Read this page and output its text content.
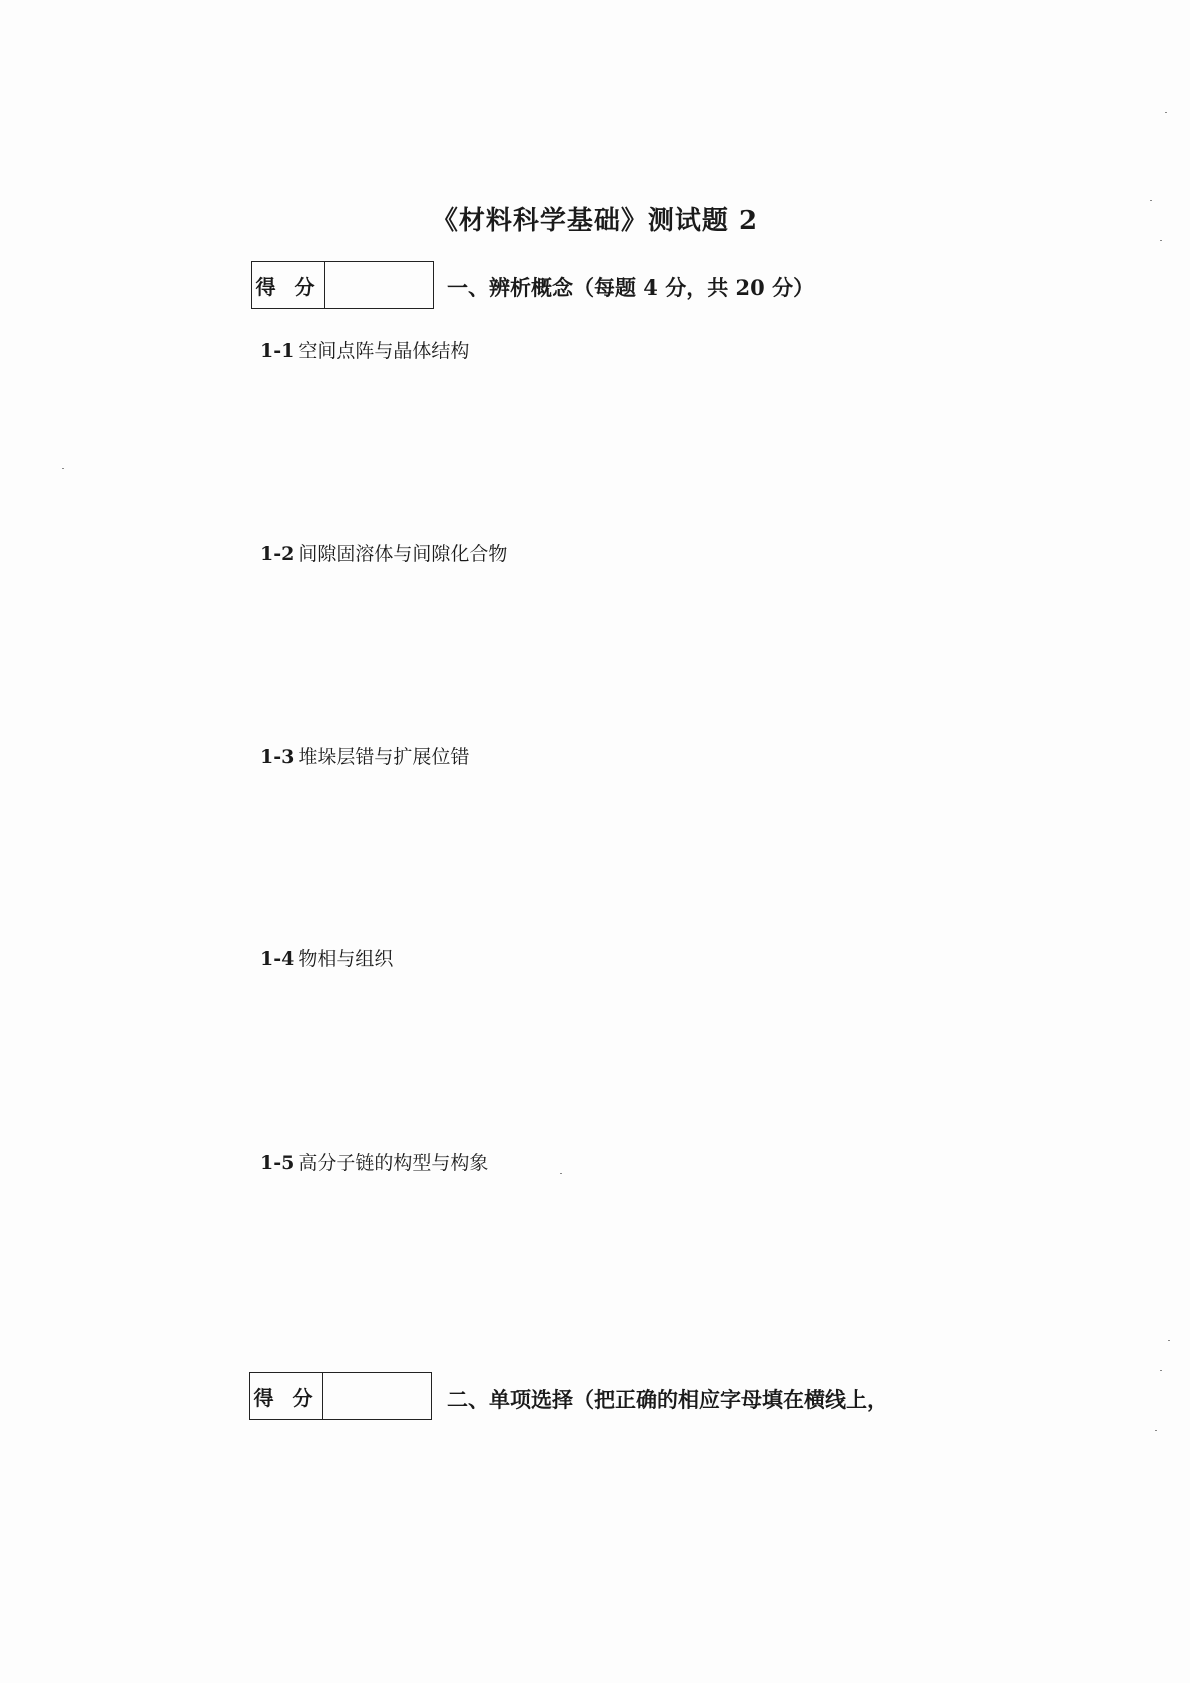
《材料科学基础》测试题 2
得 分	一、辨析概念（每题 4 分，共 20 分）
1-1 空间点阵与晶体结构
1-2 间隙固溶体与间隙化合物
1-3 堆垛层错与扩展位错
1-4 物相与组织
1-5 高分子链的构型与构象
得 分	二、单项选择（把正确的相应字母填在横线上，
